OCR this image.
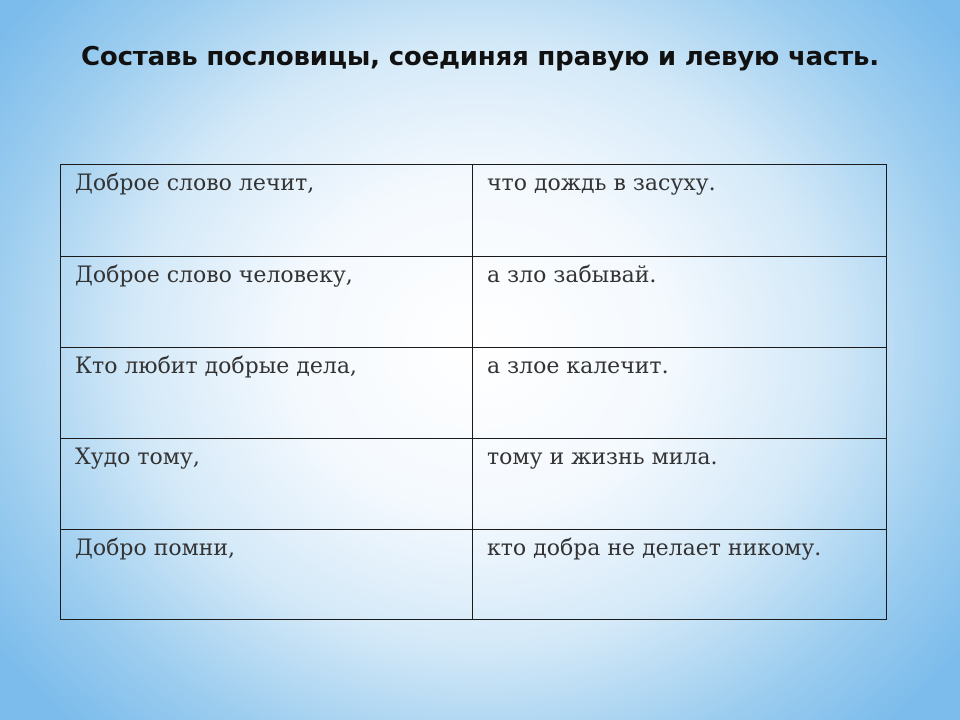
Составь пословицы, соединяя правую и левую часть.
Доброе слово лечит,	что дождь в засуху.
Доброе слово человеку,	а зло забывай.
Кто любит добрые дела,	а злое калечит.
Худо тому,	тому и жизнь мила.
Добро помни,	кто добра не делает никому.
